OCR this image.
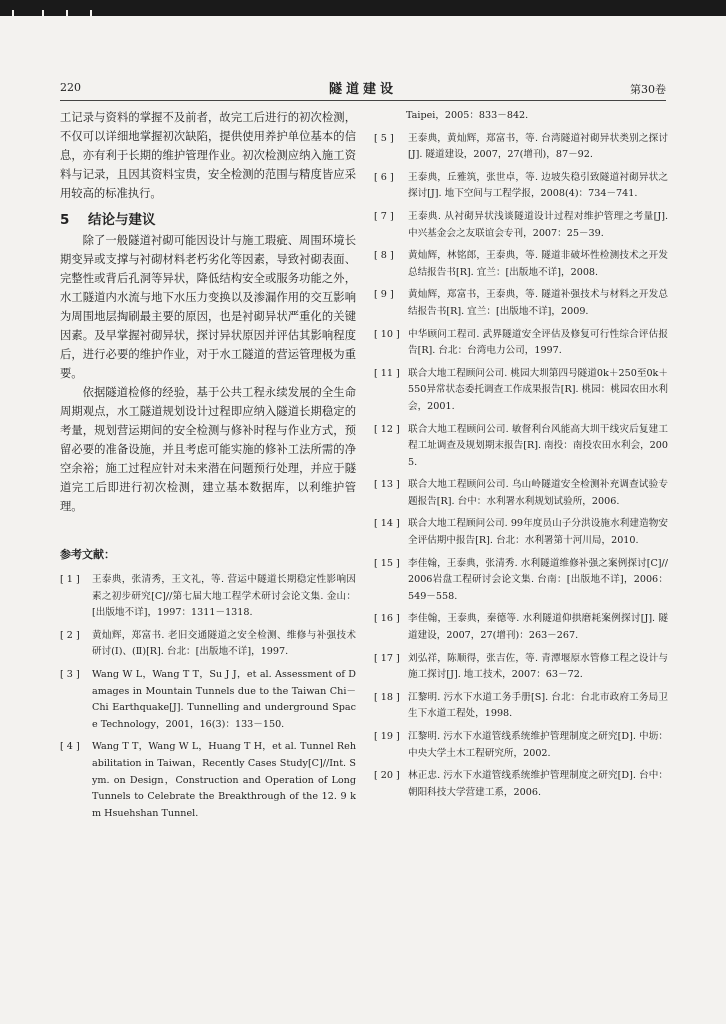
220	隧道建设	第30卷

工记录与资料的掌握不及前者，故完工后进行的初次检测，不仅可以详细地掌握初次缺陷，提供使用养护单位基本的信息，亦有利于长期的维护管理作业。初次检测应纳入施工资料与记录，且因其资料宝贵，安全检测的范围与精度皆应采用较高的标准执行。

5 结论与建议

除了一般隧道衬砌可能因设计与施工瑕疵、周围环境长期变异或支撑与衬砌材料老朽劣化等因素，导致衬砌表面、完整性或背后孔洞等异状，降低结构安全或服务功能之外，水工隧道内水流与地下水压力变换以及渗漏作用的交互影响为周围地层掏刷最主要的原因，也是衬砌异状严重化的关键因素。及早掌握衬砌异状，探讨异状原因并评估其影响程度后，进行必要的维护作业，对于水工隧道的营运管理极为重要。

依据隧道检修的经验，基于公共工程永续发展的全生命周期观点，水工隧道规划设计过程即应纳入隧道长期稳定的考量，规划营运期间的安全检测与修补时程与作业方式，预留必要的准备设施，并且考虑可能实施的修补工法所需的净空余裕；施工过程应针对未来潜在问题预行处理，并应于隧道完工后即进行初次检测，建立基本数据库，以利维护管理。

参考文献：
[ 1 ]	王泰典，张清秀，王文礼，等. 营运中隧道长期稳定性影响因素之初步研究[C]//第七届大地工程学术研讨会论文集. 金山：[出版地不详]，1997：1311－1318.
[ 2 ]	黄灿辉，郑富书. 老旧交通隧道之安全检测、维修与补强技术研讨(Ⅰ)、(Ⅱ)[R]. 台北：[出版地不详]，1997.
[ 3 ]	Wang W L，Wang T T，Su J J，et al. Assessment of Damages in Mountain Tunnels due to the Taiwan Chi－Chi Earthquake[J]. Tunnelling and underground Space Technology，2001，16(3)：133－150.
[ 4 ]	Wang T T，Wang W L，Huang T H，et al. Tunnel Rehabilitation in Taiwan，Recently Cases Study[C]//Int. Sym. on Design，Construction and Operation of Long Tunnels to Celebrate the Breakthrough of the 12. 9 km Hsuehshan Tunnel.
Taipei，2005：833－842.
[ 5 ]	王泰典，黄灿辉，郑富书，等. 台湾隧道衬砌异状类别之探讨[J]. 隧道建设，2007，27(增刊)，87－92.
[ 6 ]	王泰典，丘雅筑，张世卓，等. 边坡失稳引致隧道衬砌异状之探讨[J]. 地下空间与工程学报，2008(4)：734－741.
[ 7 ]	王泰典. 从衬砌异状浅谈隧道设计过程对维护管理之考量[J]. 中兴基金会之友联谊会专刊，2007：25－39.
[ 8 ]	黄灿辉，林铭郎，王泰典，等. 隧道非破坏性检测技术之开发总结报告书[R]. 宜兰：[出版地不详]，2008.
[ 9 ]	黄灿辉，郑富书，王泰典，等. 隧道补强技术与材料之开发总结报告书[R]. 宜兰：[出版地不详]，2009.
[ 10 ] 中华顾问工程司. 武界隧道安全评估及修复可行性综合评估报告[R]. 台北：台湾电力公司，1997.
[ 11 ] 联合大地工程顾问公司. 桃园大圳第四号隧道0k＋250至0k＋550异常状态委托调查工作成果报告[R]. 桃园：桃园农田水利会，2001.
[ 12 ] 联合大地工程顾问公司. 敏督利台风能高大圳干线灾后复建工程工址调查及规划期末报告[R]. 南投：南投农田水利会，2005.
[ 13 ] 联合大地工程顾问公司. 乌山岭隧道安全检测补充调查试验专题报告[R]. 台中：水利署水利规划试验所，2006.
[ 14 ] 联合大地工程顾问公司. 99年度员山子分洪设施水利建造物安全评估期中报告[R]. 台北：水利署第十河川局，2010.
[ 15 ] 李佳翰，王泰典，张清秀. 水利隧道维修补强之案例探讨[C]// 2006岩盘工程研讨会论文集. 台南：[出版地不详]，2006：549－558.
[ 16 ] 李佳翰，王泰典，秦德等. 水利隧道仰拱磨耗案例探讨[J]. 隧道建设，2007，27(增刊)：263－267.
[ 17 ] 刘弘祥，陈顺得，张吉佐，等. 青潭堰原水管修工程之设计与施工探讨[J]. 地工技术，2007：63－72.
[ 18 ] 江黎明. 污水下水道工务手册[S]. 台北：台北市政府工务局卫生下水道工程处，1998.
[ 19 ] 江黎明. 污水下水道管线系统维护管理制度之研究[D]. 中坜：中央大学土木工程研究所，2002.
[ 20 ] 林正忠. 污水下水道管线系统维护管理制度之研究[D]. 台中：朝阳科技大学营建工系，2006.
